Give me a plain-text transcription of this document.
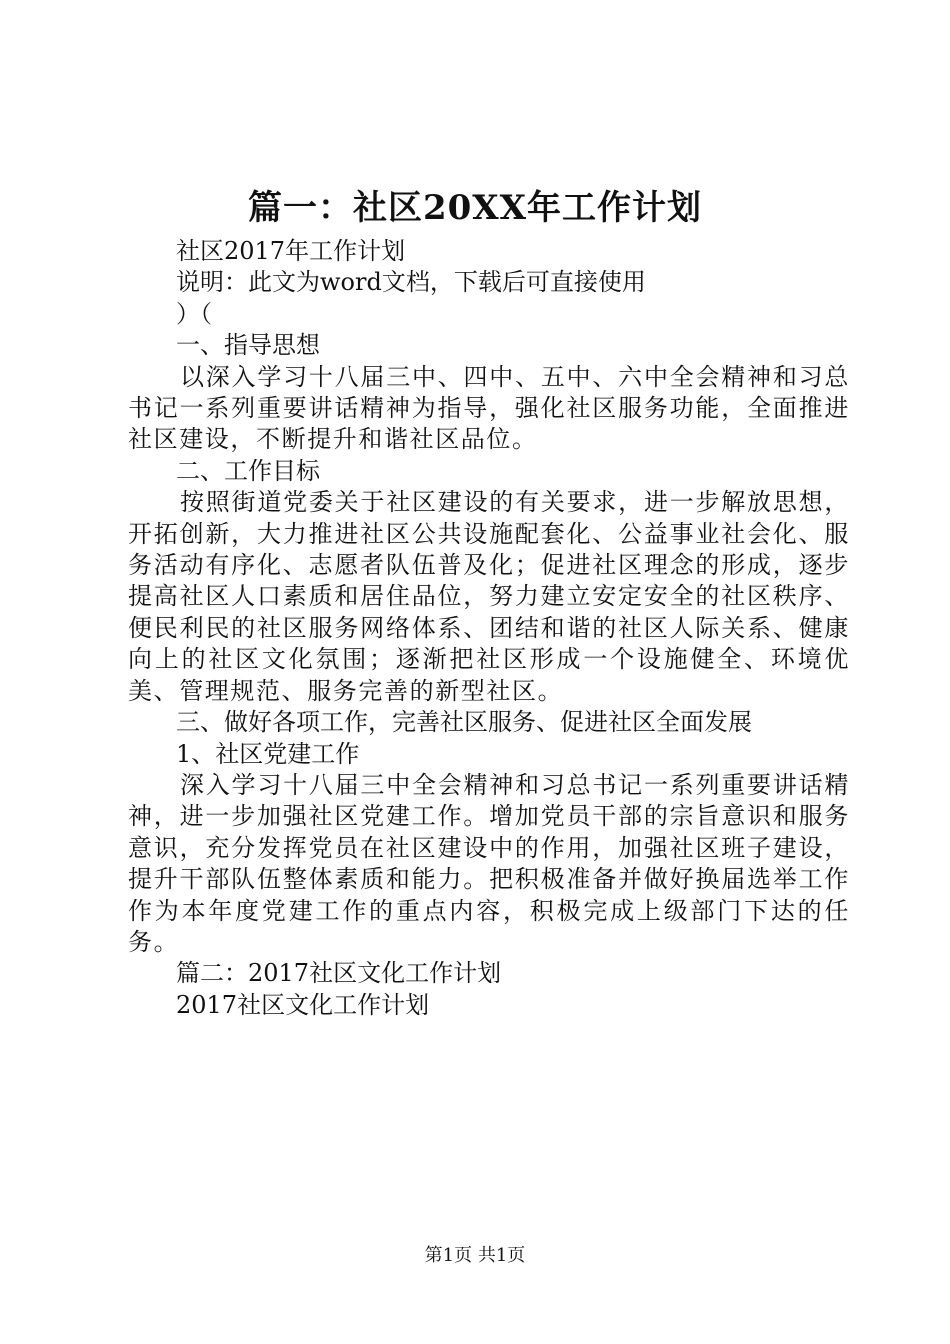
篇一：社区20XX年工作计划

社区2017年工作计划

说明：此文为word文档，下载后可直接使用

）（

一、指导思想

以深入学习十八届三中、四中、五中、六中全会精神和习总书记一系列重要讲话精神为指导，强化社区服务功能，全面推进社区建设，不断提升和谐社区品位。

二、工作目标

按照街道党委关于社区建设的有关要求，进一步解放思想，开拓创新，大力推进社区公共设施配套化、公益事业社会化、服务活动有序化、志愿者队伍普及化；促进社区理念的形成，逐步提高社区人口素质和居住品位，努力建立安定安全的社区秩序、便民利民的社区服务网络体系、团结和谐的社区人际关系、健康向上的社区文化氛围；逐渐把社区形成一个设施健全、环境优美、管理规范、服务完善的新型社区。

三、做好各项工作，完善社区服务、促进社区全面发展

1、社区党建工作

深入学习十八届三中全会精神和习总书记一系列重要讲话精神，进一步加强社区党建工作。增加党员干部的宗旨意识和服务意识，充分发挥党员在社区建设中的作用，加强社区班子建设，提升干部队伍整体素质和能力。把积极准备并做好换届选举工作作为本年度党建工作的重点内容，积极完成上级部门下达的任务。

篇二：2017社区文化工作计划

2017社区文化工作计划

第1页 共1页
